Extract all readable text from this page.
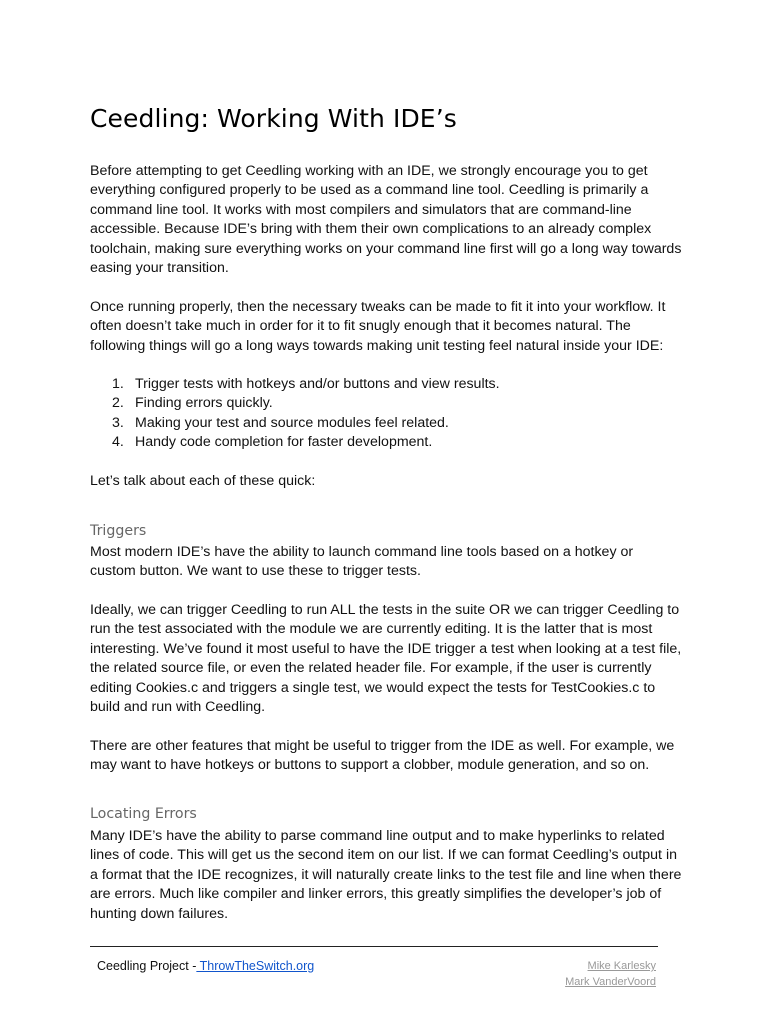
Ceedling: Working With IDE’s

Before attempting to get Ceedling working with an IDE, we strongly encourage you to get everything configured properly to be used as a command line tool. Ceedling is primarily a command line tool. It works with most compilers and simulators that are command-line accessible. Because IDE’s bring with them their own complications to an already complex toolchain, making sure everything works on your command line first will go a long way towards easing your transition.

Once running properly, then the necessary tweaks can be made to fit it into your workflow. It often doesn’t take much in order for it to fit snugly enough that it becomes natural. The following things will go a long ways towards making unit testing feel natural inside your IDE:

1. Trigger tests with hotkeys and/or buttons and view results.
2. Finding errors quickly.
3. Making your test and source modules feel related.
4. Handy code completion for faster development.

Let’s talk about each of these quick:

Triggers

Most modern IDE’s have the ability to launch command line tools based on a hotkey or custom button. We want to use these to trigger tests.

Ideally, we can trigger Ceedling to run ALL the tests in the suite OR we can trigger Ceedling to run the test associated with the module we are currently editing. It is the latter that is most interesting. We’ve found it most useful to have the IDE trigger a test when looking at a test file, the related source file, or even the related header file. For example, if the user is currently editing Cookies.c and triggers a single test, we would expect the tests for TestCookies.c to build and run with Ceedling.

There are other features that might be useful to trigger from the IDE as well. For example, we may want to have hotkeys or buttons to support a clobber, module generation, and so on.

Locating Errors

Many IDE’s have the ability to parse command line output and to make hyperlinks to related lines of code. This will get us the second item on our list. If we can format Ceedling’s output in a format that the IDE recognizes, it will naturally create links to the test file and line when there are errors. Much like compiler and linker errors, this greatly simplifies the developer’s job of hunting down failures.

Ceedling Project - ThrowTheSwitch.org	Mike Karlesky
Mark VanderVoord
